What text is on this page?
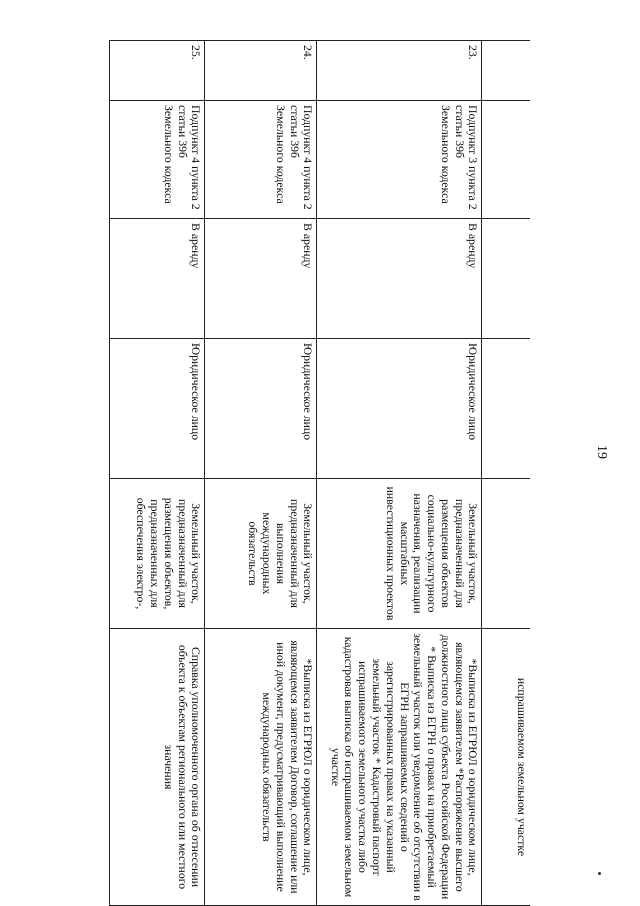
19
					испрашиваемом земельном участке
23.	Подпункт 3 пункта 2 статьи 39б Земельного кодекса	В аренду	Юридическое лицо	Земельный участок, предназначенный для размещения объектов социально-культурного назначения, реализации масштабных инвестиционных проектов	*Выписка из ЕГРЮЛ о юридическом лице, являющемся заявителем *Распоряжение высшего должностного лица субъекта Российской Федерации * Выписка из ЕГРН о правах на приобретаемый земельный участок или уведомление об отсутствии в ЕГРН запрашиваемых сведений о зарегистрированных правах на указанный земельный участок * Кадастровый паспорт испрашиваемого земельного участка либо кадастровая выписка об испрашиваемом земельном участке
24.	Подпункт 4 пункта 2 статьи 39б Земельного кодекса	В аренду	Юридическое лицо	Земельный участок, предназначенный для выполнения международных обязательств	*Выписка из ЕГРЮЛ о юридическом лице, являющемся заявителем Договор, соглашение или иной документ, предусматривающий выполнение международных обязательств
25.	Подпункт 4 пункта 2 статьи 39б Земельного кодекса	В аренду	Юридическое лицо	Земельный участок, предназначенный для размещения объектов, предназначенных для обеспечения электро-,	Справка уполномоченного органа об отнесении объекта к объектам регионального или местного значения
